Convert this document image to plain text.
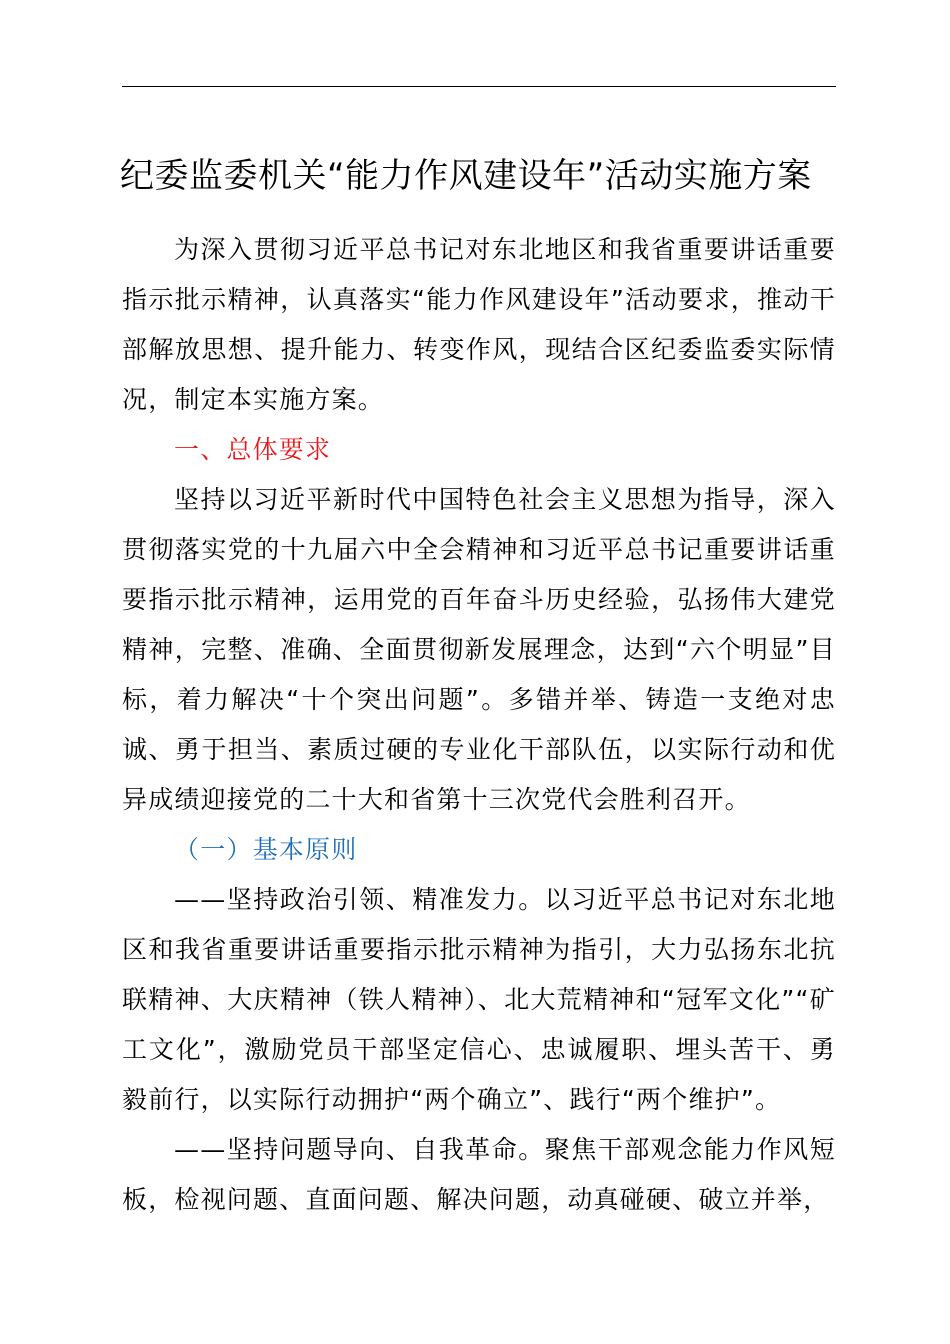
纪委监委机关“能力作风建设年”活动实施方案

为深入贯彻习近平总书记对东北地区和我省重要讲话重要指示批示精神，认真落实“能力作风建设年”活动要求，推动干部解放思想、提升能力、转变作风，现结合区纪委监委实际情况，制定本实施方案。

一、总体要求

坚持以习近平新时代中国特色社会主义思想为指导，深入贯彻落实党的十九届六中全会精神和习近平总书记重要讲话重要指示批示精神，运用党的百年奋斗历史经验，弘扬伟大建党精神，完整、准确、全面贯彻新发展理念，达到“六个明显”目标，着力解决“十个突出问题”。多错并举、铸造一支绝对忠诚、勇于担当、素质过硬的专业化干部队伍，以实际行动和优异成绩迎接党的二十大和省第十三次党代会胜利召开。

（一）基本原则

——坚持政治引领、精准发力。以习近平总书记对东北地区和我省重要讲话重要指示批示精神为指引，大力弘扬东北抗联精神、大庆精神（铁人精神）、北大荒精神和“冠军文化”“矿工文化”，激励党员干部坚定信心、忠诚履职、埋头苦干、勇毅前行，以实际行动拥护“两个确立”、践行“两个维护”。

——坚持问题导向、自我革命。聚焦干部观念能力作风短板，检视问题、直面问题、解决问题，动真碰硬、破立并举，
